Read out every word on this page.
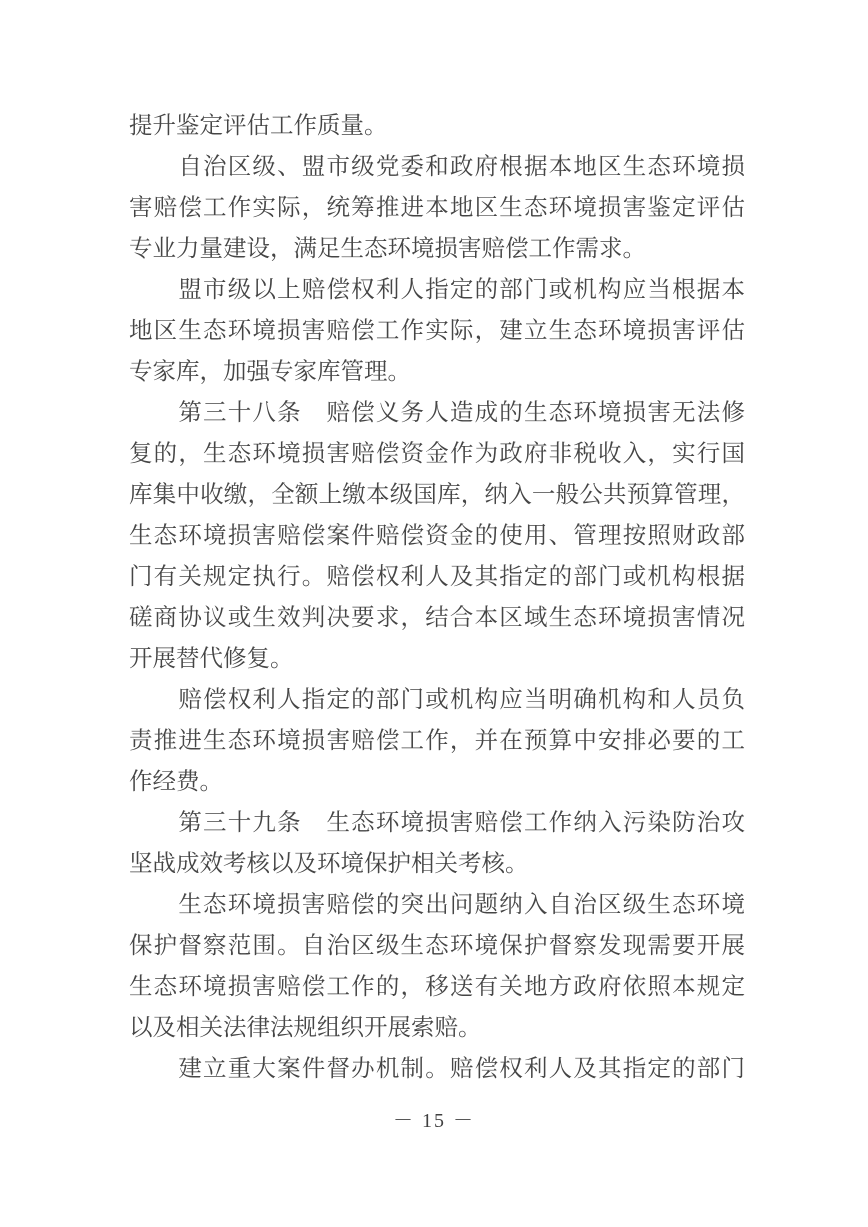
提升鉴定评估工作质量。
　　自治区级、盟市级党委和政府根据本地区生态环境损
害赔偿工作实际，统筹推进本地区生态环境损害鉴定评估
专业力量建设，满足生态环境损害赔偿工作需求。
　　盟市级以上赔偿权利人指定的部门或机构应当根据本
地区生态环境损害赔偿工作实际，建立生态环境损害评估
专家库，加强专家库管理。
　　第三十八条　赔偿义务人造成的生态环境损害无法修
复的，生态环境损害赔偿资金作为政府非税收入，实行国
库集中收缴，全额上缴本级国库，纳入一般公共预算管理，
生态环境损害赔偿案件赔偿资金的使用、管理按照财政部
门有关规定执行。赔偿权利人及其指定的部门或机构根据
磋商协议或生效判决要求，结合本区域生态环境损害情况
开展替代修复。
　　赔偿权利人指定的部门或机构应当明确机构和人员负
责推进生态环境损害赔偿工作，并在预算中安排必要的工
作经费。
　　第三十九条　生态环境损害赔偿工作纳入污染防治攻
坚战成效考核以及环境保护相关考核。
　　生态环境损害赔偿的突出问题纳入自治区级生态环境
保护督察范围。自治区级生态环境保护督察发现需要开展
生态环境损害赔偿工作的，移送有关地方政府依照本规定
以及相关法律法规组织开展索赔。
　　建立重大案件督办机制。赔偿权利人及其指定的部门
－ 15 －
